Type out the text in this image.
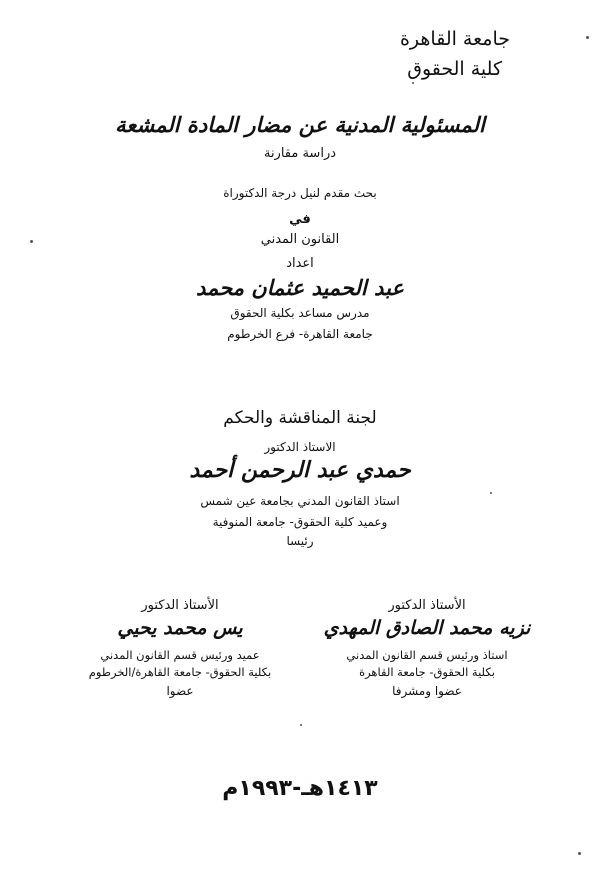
جامعة القاهرة
كلية الحقوق
المسئولية المدنية عن مضار المادة المشعة
دراسة مقارنة
بحث مقدم لنيل درجة الدكتوراة
في
القانون المدني
اعداد
عبد الحميد عثمان محمد
مدرس مساعد بكلية الحقوق
جامعة القاهرة- فرع الخرطوم
لجنة المناقشة والحكم
الاستاذ الدكتور
حمدي عبد الرحمن أحمد
استاذ القانون المدني بجامعة عين شمس
وعميد كلية الحقوق- جامعة المنوفية
رئيسا
الأستاذ الدكتور
نزيه محمد الصادق المهدي
استاذ ورئيس قسم القانون المدني
بكلية الحقوق- جامعة القاهرة
عضوا ومشرفا
الأستاذ الدكتور
يس محمد يحيي
عميد ورئيس قسم القانون المدني
بكلية الحقوق- جامعة القاهرة/الخرطوم
عضوا
١٤١٣هـ-١٩٩٣م
